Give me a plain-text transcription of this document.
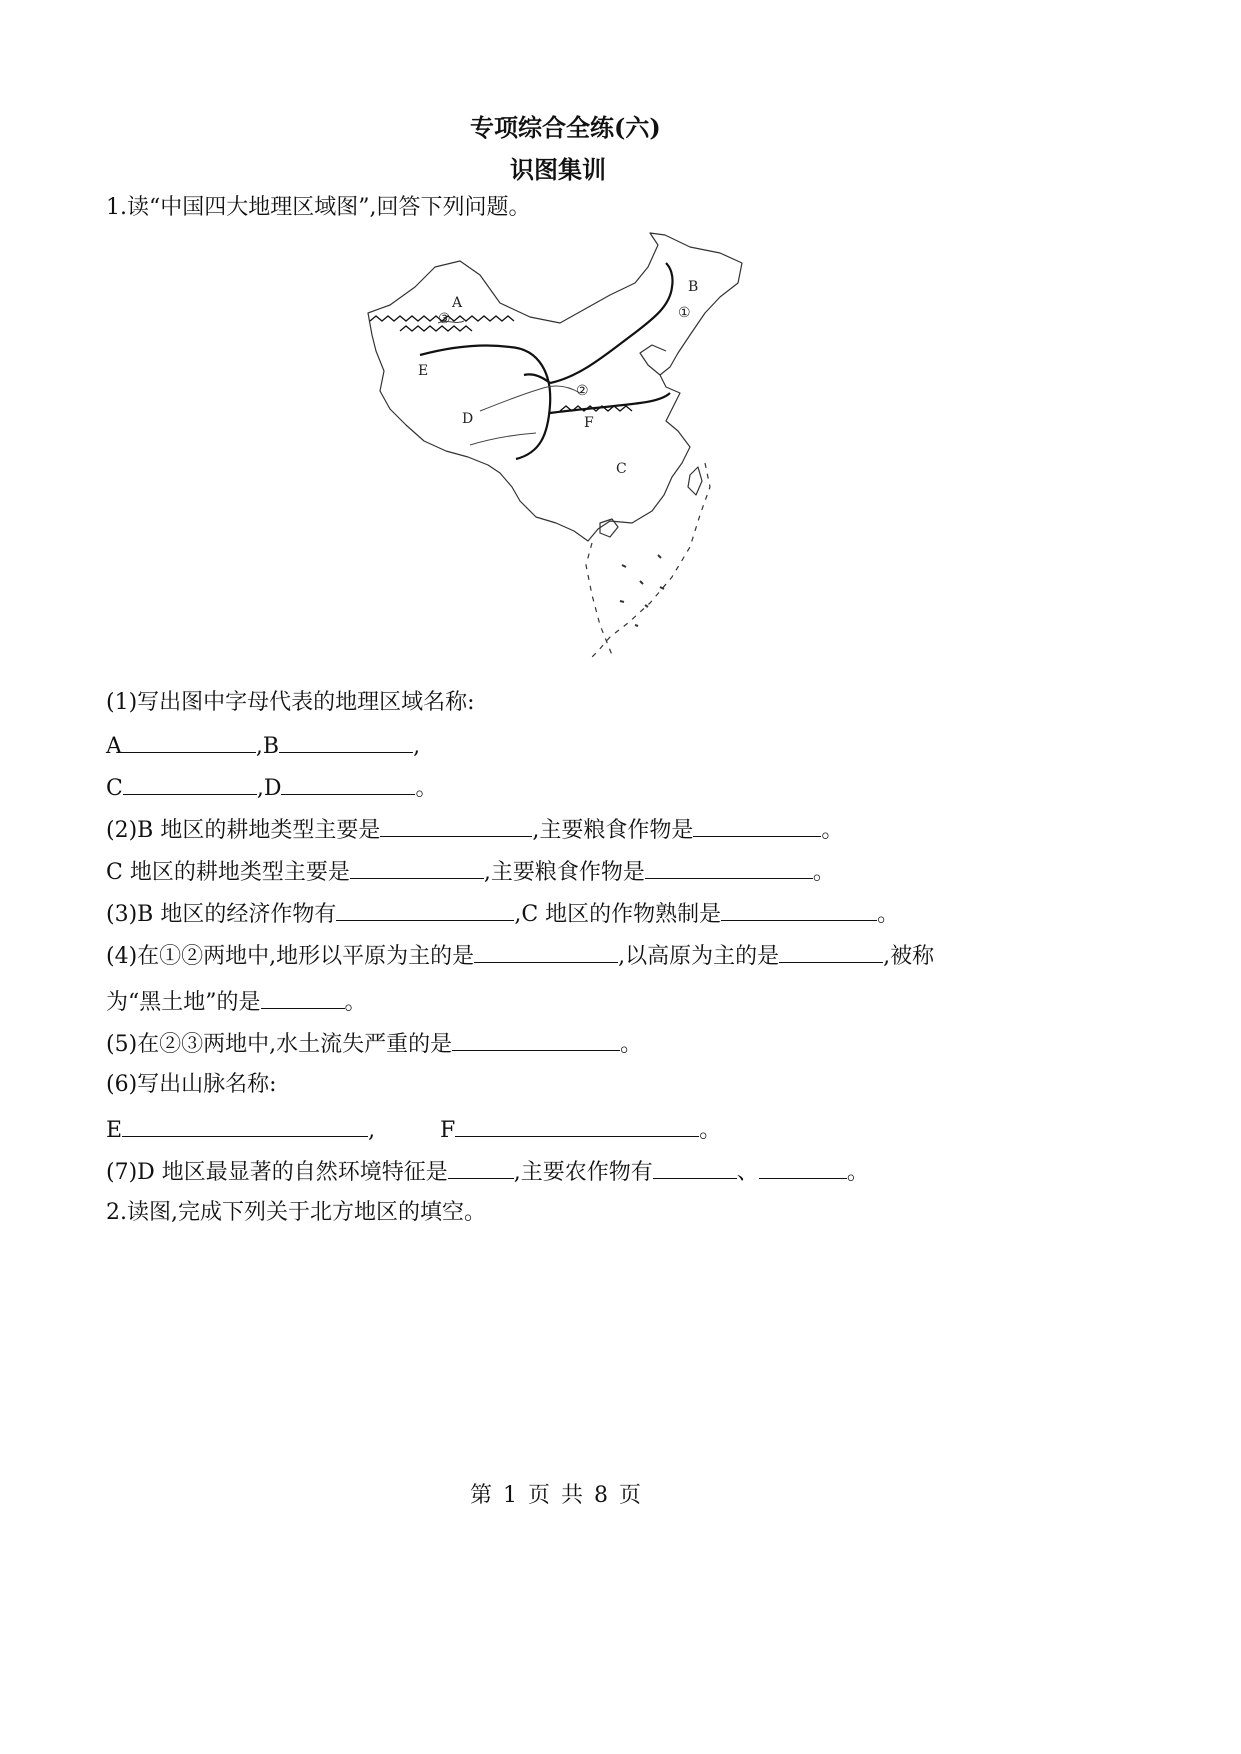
专项综合全练(六)
识图集训
1.读“中国四大地理区域图”,回答下列问题。
A
B
C
D
E
F
①
②
③
(1)写出图中字母代表的地理区域名称:
A	,B	,
C	,D	。
(2)B 地区的耕地类型主要是	,主要粮食作物是	。
C 地区的耕地类型主要是	,主要粮食作物是	。
(3)B 地区的经济作物有	,C 地区的作物熟制是	。
(4)在①②两地中,地形以平原为主的是	,以高原为主的是	,被称
为“黑土地”的是	。
(5)在②③两地中,水土流失严重的是	。
(6)写出山脉名称:
E	,	F	。
(7)D 地区最显著的自然环境特征是	,主要农作物有	、	。
2.读图,完成下列关于北方地区的填空。
第 1 页 共 8 页
